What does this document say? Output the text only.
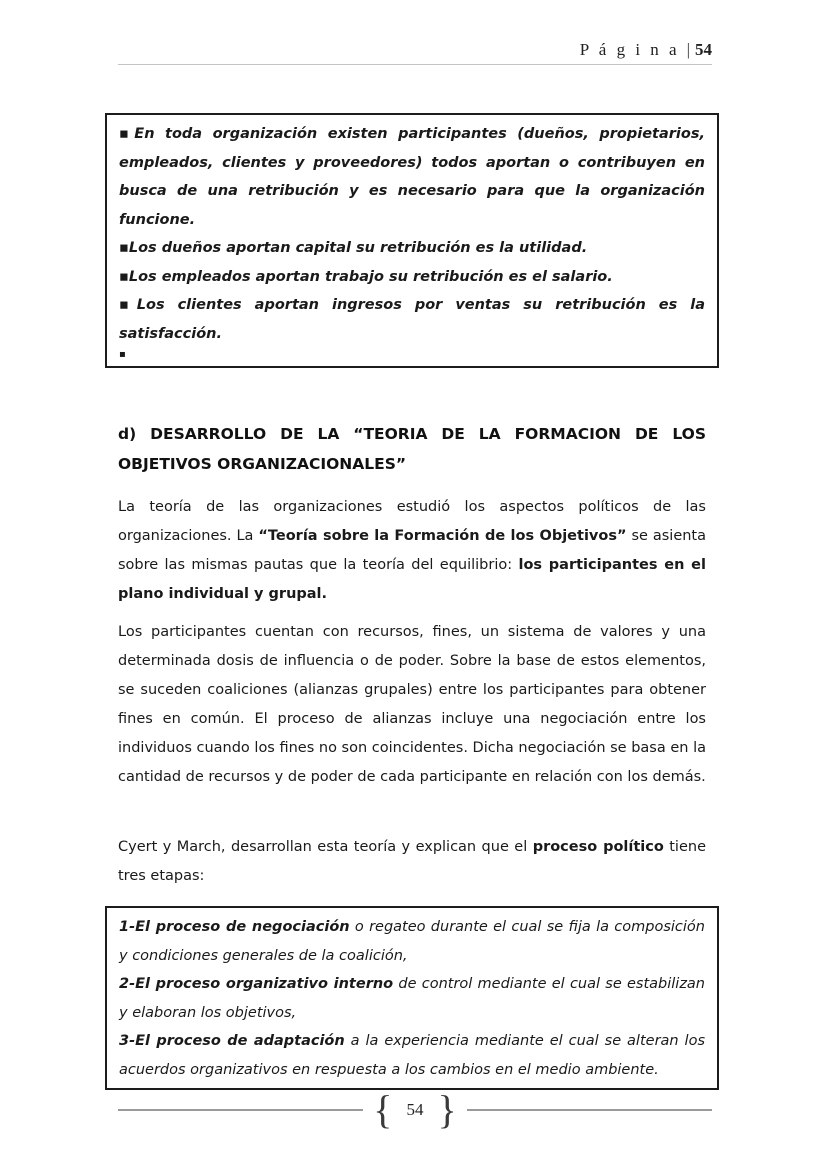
P á g i n a | 54

▪En toda organización existen participantes (dueños, propietarios, empleados, clientes y proveedores) todos aportan o contribuyen en busca de una retribución y es necesario para que la organización funcione.

▪Los dueños aportan capital su retribución es la utilidad.

▪Los empleados aportan trabajo su retribución es el salario.

▪Los clientes aportan ingresos por ventas su retribución es la satisfacción.

▪

d) DESARROLLO DE LA “TEORIA DE LA FORMACION DE LOS OBJETIVOS ORGANIZACIONALES”

La teoría de las organizaciones estudió los aspectos políticos de las organizaciones. La “Teoría sobre la Formación de los Objetivos” se asienta sobre las mismas pautas que la teoría del equilibrio: los participantes en el plano individual y grupal.

Los participantes cuentan con recursos, fines, un sistema de valores y una determinada dosis de influencia o de poder. Sobre la base de estos elementos, se suceden coaliciones (alianzas grupales) entre los participantes para obtener fines en común. El proceso de alianzas incluye una negociación entre los individuos cuando los fines no son coincidentes. Dicha negociación se basa en la cantidad de recursos y de poder de cada participante en relación con los demás.

Cyert y March, desarrollan esta teoría y explican que el proceso político tiene tres etapas:

1-El proceso de negociación o regateo durante el cual se fija la composición y condiciones generales de la coalición,

2-El proceso organizativo interno de control mediante el cual se estabilizan y elaboran los objetivos,

3-El proceso de adaptación a la experiencia mediante el cual se alteran los acuerdos organizativos en respuesta a los cambios en el medio ambiente.

{ 54 }
